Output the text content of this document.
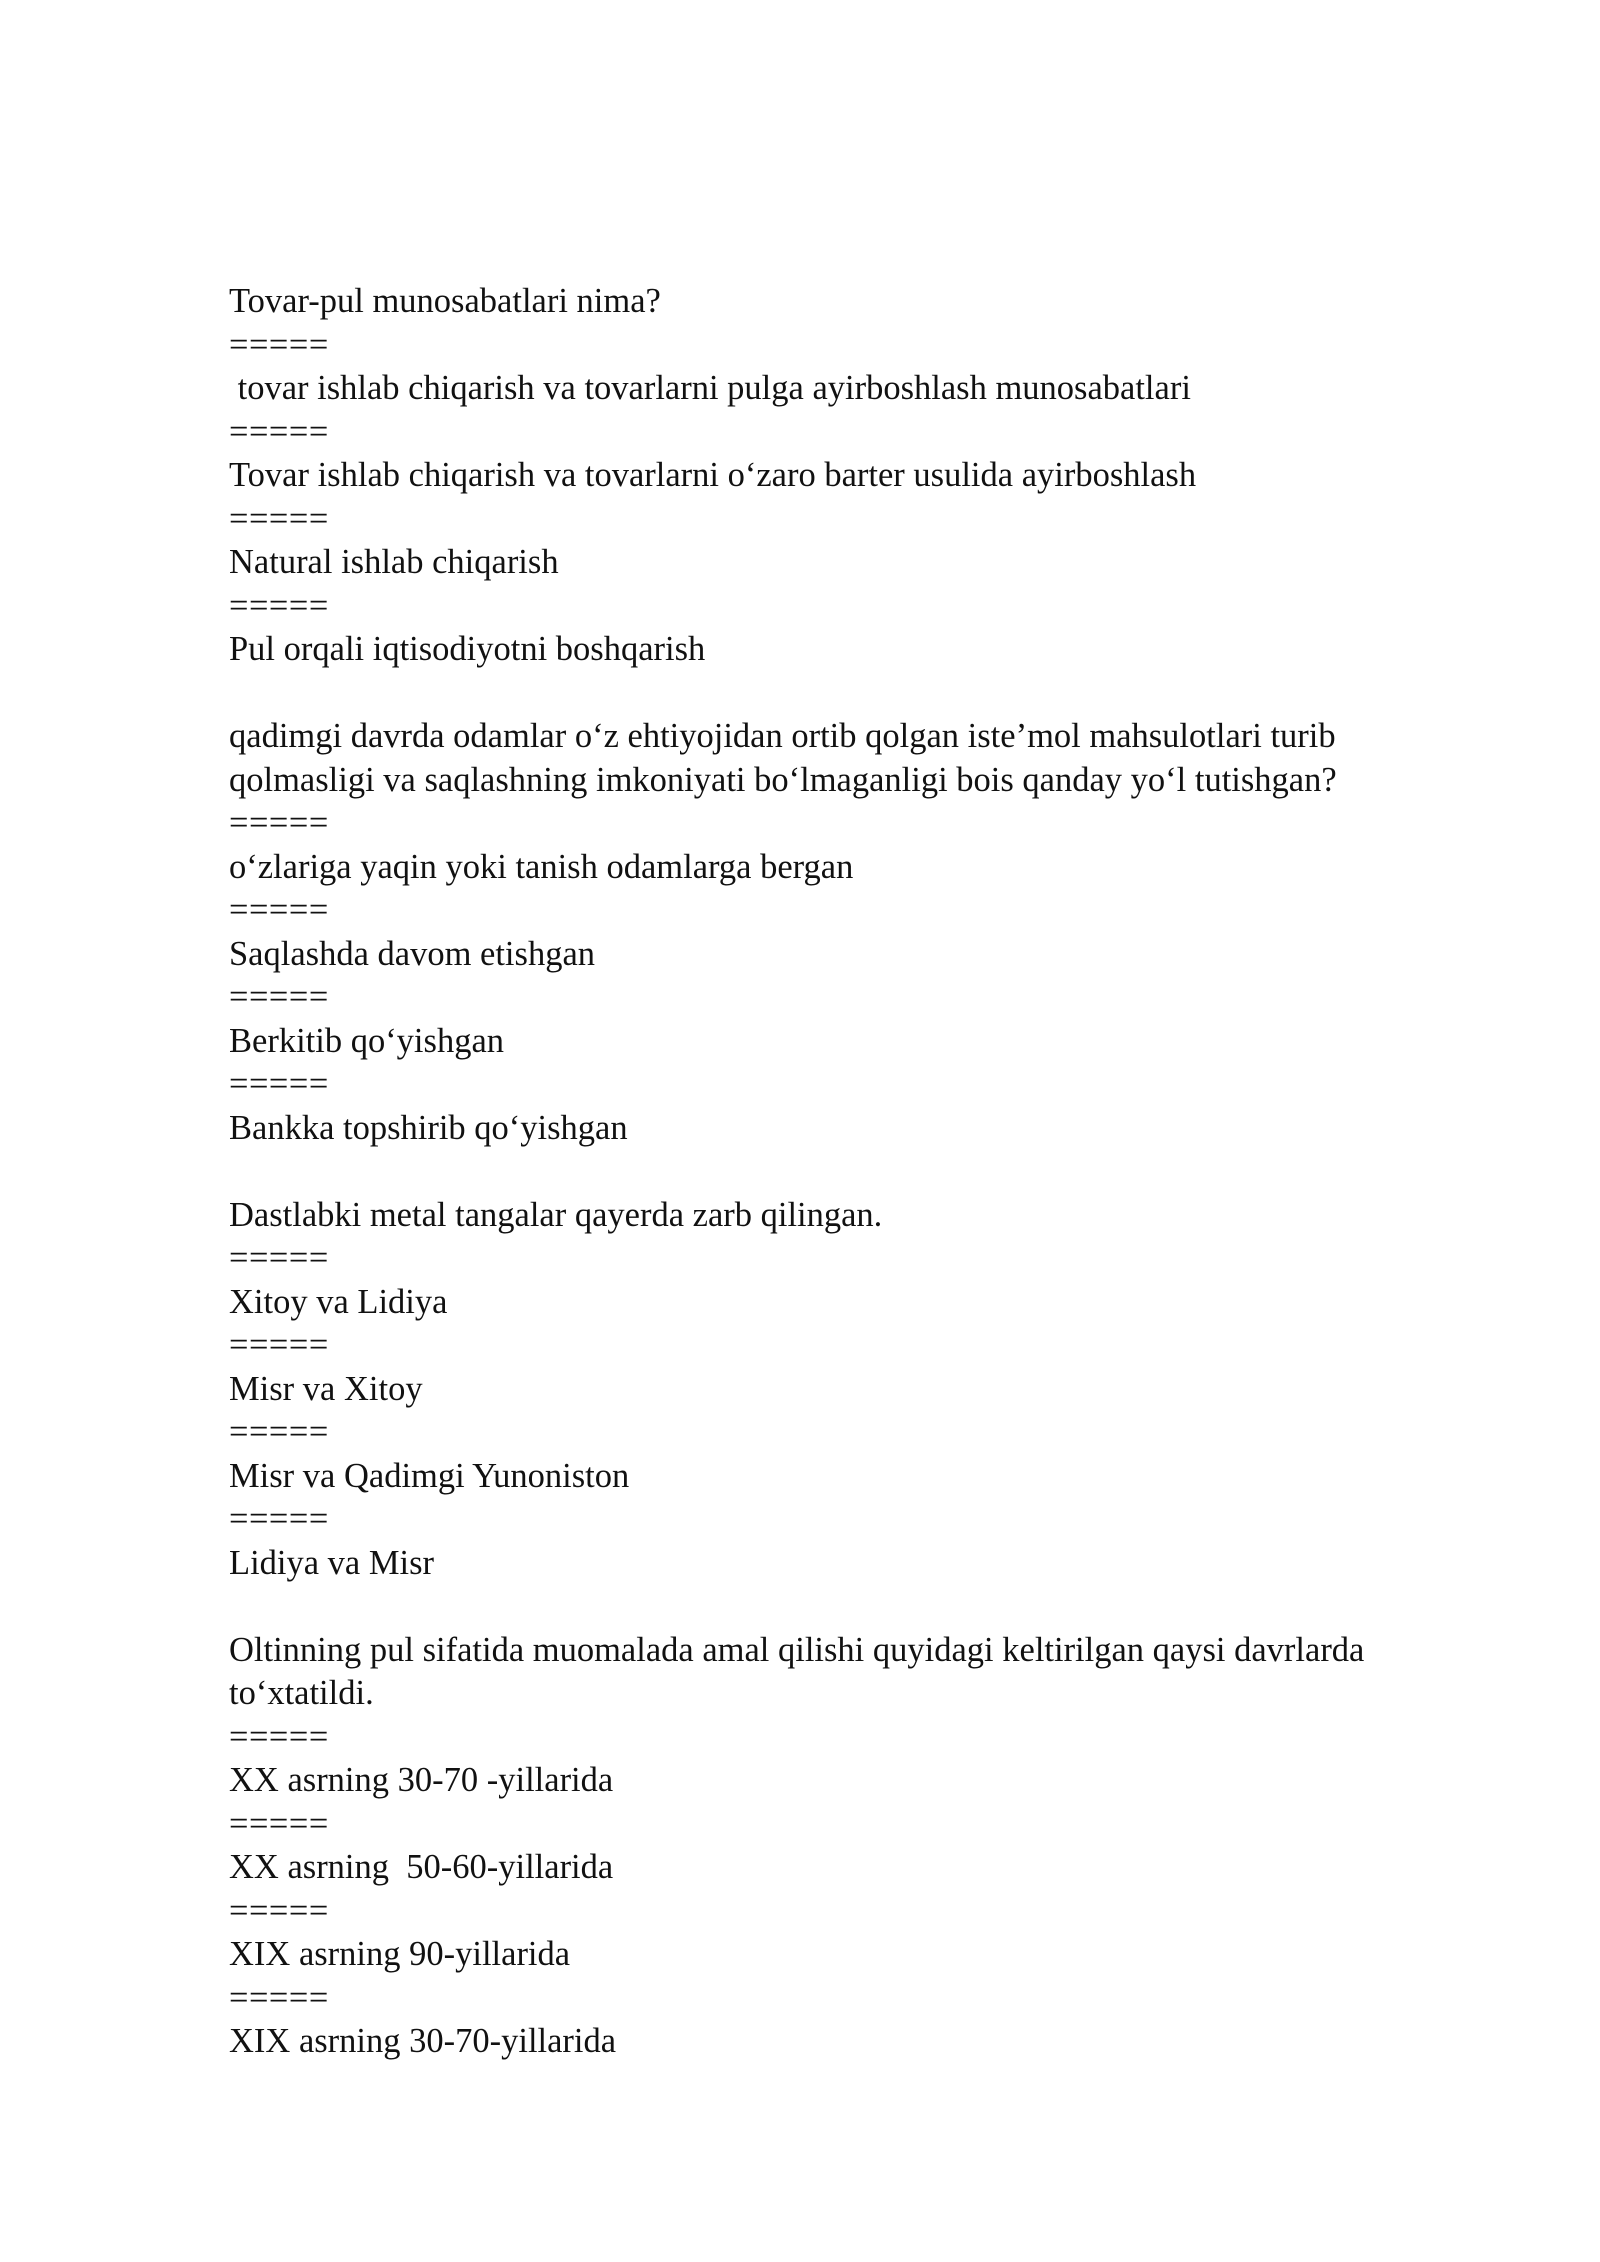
Tovar-pul munosabatlari nima?

=====

tovar ishlab chiqarish va tovarlarni pulga ayirboshlash munosabatlari

=====

Tovar ishlab chiqarish va tovarlarni o‘zaro barter usulida ayirboshlash

=====

Natural ishlab chiqarish

=====

Pul orqali iqtisodiyotni boshqarish

qadimgi davrda odamlar o‘z ehtiyojidan ortib qolgan iste’mol mahsulotlari turib qolmasligi va saqlashning imkoniyati bo‘lmaganligi bois qanday yo‘l tutishgan?

=====

o‘zlariga yaqin yoki tanish odamlarga bergan

=====

Saqlashda davom etishgan

=====

Berkitib qo‘yishgan

=====

Bankka topshirib qo‘yishgan

Dastlabki metal tangalar qayerda zarb qilingan.

=====

Xitoy va Lidiya

=====

Misr va Xitoy

=====

Misr va Qadimgi Yunoniston

=====

Lidiya va Misr

Oltinning pul sifatida muomalada amal qilishi quyidagi keltirilgan qaysi davrlarda to‘xtatildi.

=====

XX asrning 30-70 -yillarida

=====

XX asrning  50-60-yillarida

=====

XIX asrning 90-yillarida

=====

XIX asrning 30-70-yillarida
